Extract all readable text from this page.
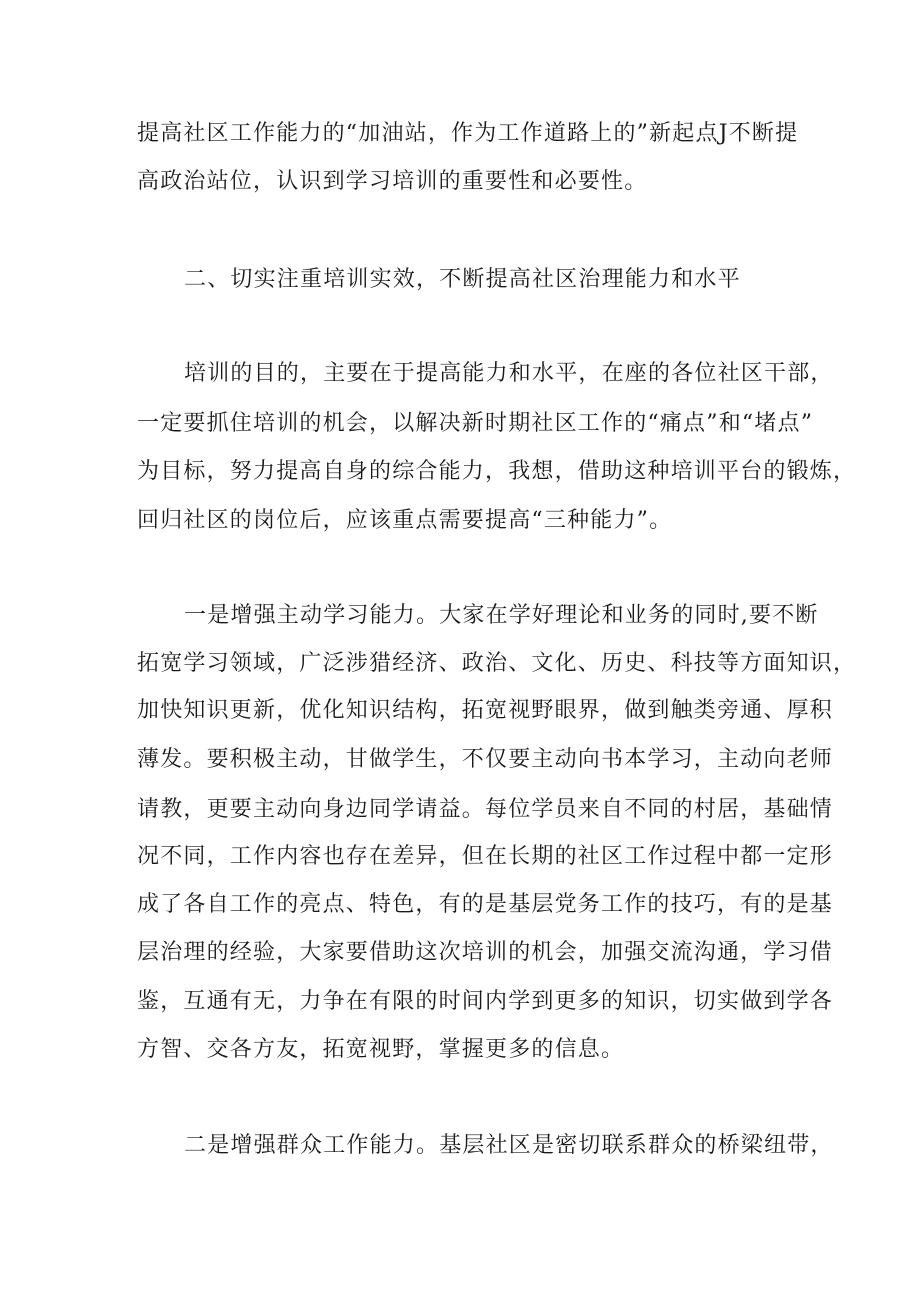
提高社区工作能力的“加油站，作为工作道路上的”新起点J不断提
高政治站位，认识到学习培训的重要性和必要性。
二、切实注重培训实效，不断提高社区治理能力和水平
培训的目的，主要在于提高能力和水平，在座的各位社区干部，
一定要抓住培训的机会，以解决新时期社区工作的“痛点”和“堵点”
为目标，努力提高自身的综合能力，我想，借助这种培训平台的锻炼，
回归社区的岗位后，应该重点需要提高“三种能力”。
一是增强主动学习能力。大家在学好理论和业务的同时,要不断
拓宽学习领域，广泛涉猎经济、政治、文化、历史、科技等方面知识，
加快知识更新，优化知识结构，拓宽视野眼界，做到触类旁通、厚积
薄发。要积极主动，甘做学生，不仅要主动向书本学习，主动向老师
请教，更要主动向身边同学请益。每位学员来自不同的村居，基础情
况不同，工作内容也存在差异，但在长期的社区工作过程中都一定形
成了各自工作的亮点、特色，有的是基层党务工作的技巧，有的是基
层治理的经验，大家要借助这次培训的机会，加强交流沟通，学习借
鉴，互通有无，力争在有限的时间内学到更多的知识，切实做到学各
方智、交各方友，拓宽视野，掌握更多的信息。
二是增强群众工作能力。基层社区是密切联系群众的桥梁纽带，
